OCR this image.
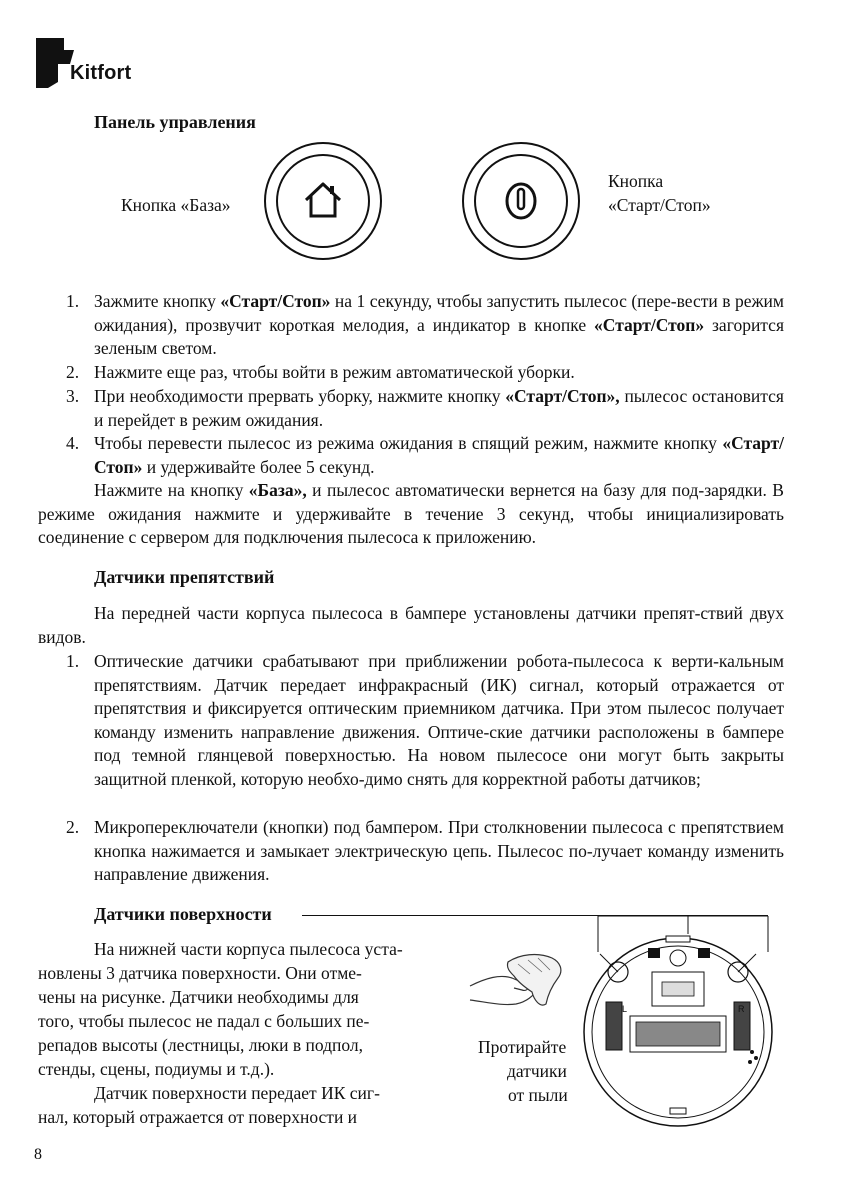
Kitfort
Панель управления
Кнопка «База»
Кнопка
«Старт/Стоп»
1. Зажмите кнопку «Старт/Стоп» на 1 секунду, чтобы запустить пылесос (пере-вести в режим ожидания), прозвучит короткая мелодия, а индикатор в кнопке «Старт/Стоп» загорится зеленым светом.
2. Нажмите еще раз, чтобы войти в режим автоматической уборки.
3. При необходимости прервать уборку, нажмите кнопку «Старт/Стоп», пылесос остановится и перейдет в режим ожидания.
4. Чтобы перевести пылесос из режима ожидания в спящий режим, нажмите кнопку «Старт/Стоп» и удерживайте более 5 секунд.
Нажмите на кнопку «База», и пылесос автоматически вернется на базу для под-зарядки. В режиме ожидания нажмите и удерживайте в течение 3 секунд, чтобы инициализировать соединение с сервером для подключения пылесоса к приложению.
Датчики препятствий
На передней части корпуса пылесоса в бампере установлены датчики препят-ствий двух видов.
1. Оптические датчики срабатывают при приближении робота-пылесоса к верти-кальным препятствиям. Датчик передает инфракрасный (ИК) сигнал, который отражается от препятствия и фиксируется оптическим приемником датчика. При этом пылесос получает команду изменить направление движения. Оптиче-ские датчики расположены в бампере под темной глянцевой поверхностью. На новом пылесосе они могут быть закрыты защитной пленкой, которую необхо-димо снять для корректной работы датчиков;
2. Микропереключатели (кнопки) под бампером. При столкновении пылесоса с препятствием кнопка нажимается и замыкает электрическую цепь. Пылесос по-лучает команду изменить направление движения.
Датчики поверхности
На нижней части корпуса пылесоса уста-
новлены 3 датчика поверхности. Они отме-
чены на рисунке. Датчики необходимы для
того, чтобы пылесос не падал с больших пе-
репадов высоты (лестницы, люки в подпол,
стенды, сцены, подиумы и т.д.).
Датчик поверхности передает ИК сиг-
нал, который отражается от поверхности и
Протирайте
датчики
от пыли
L	R
8
